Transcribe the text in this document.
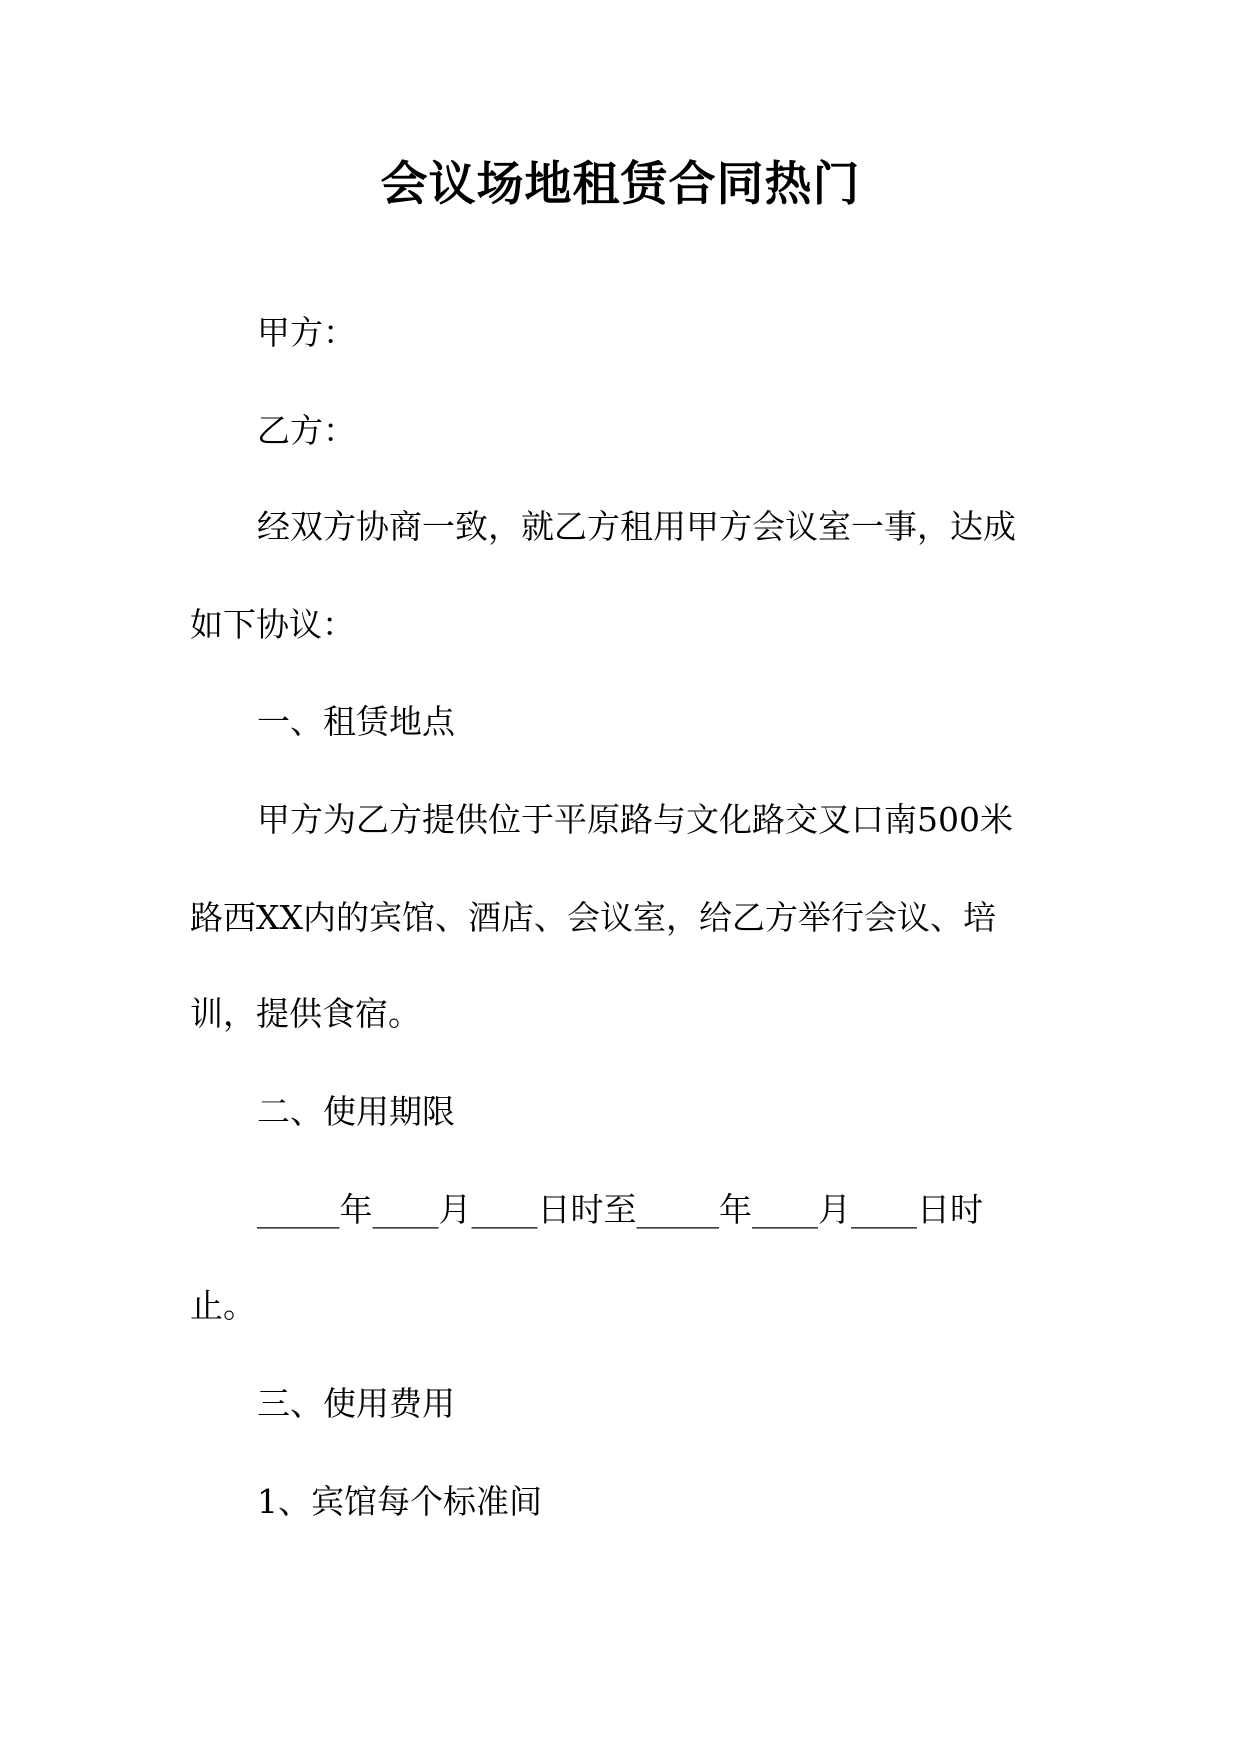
会议场地租赁合同热门
甲方：
乙方：
经双方协商一致，就乙方租用甲方会议室一事，达成
如下协议：
一、租赁地点
甲方为乙方提供位于平原路与文化路交叉口南500米
路西XX内的宾馆、酒店、会议室，给乙方举行会议、培
训，提供食宿。
二、使用期限
_____年____月____日时至_____年____月____日时
止。
三、使用费用
1、宾馆每个标准间
